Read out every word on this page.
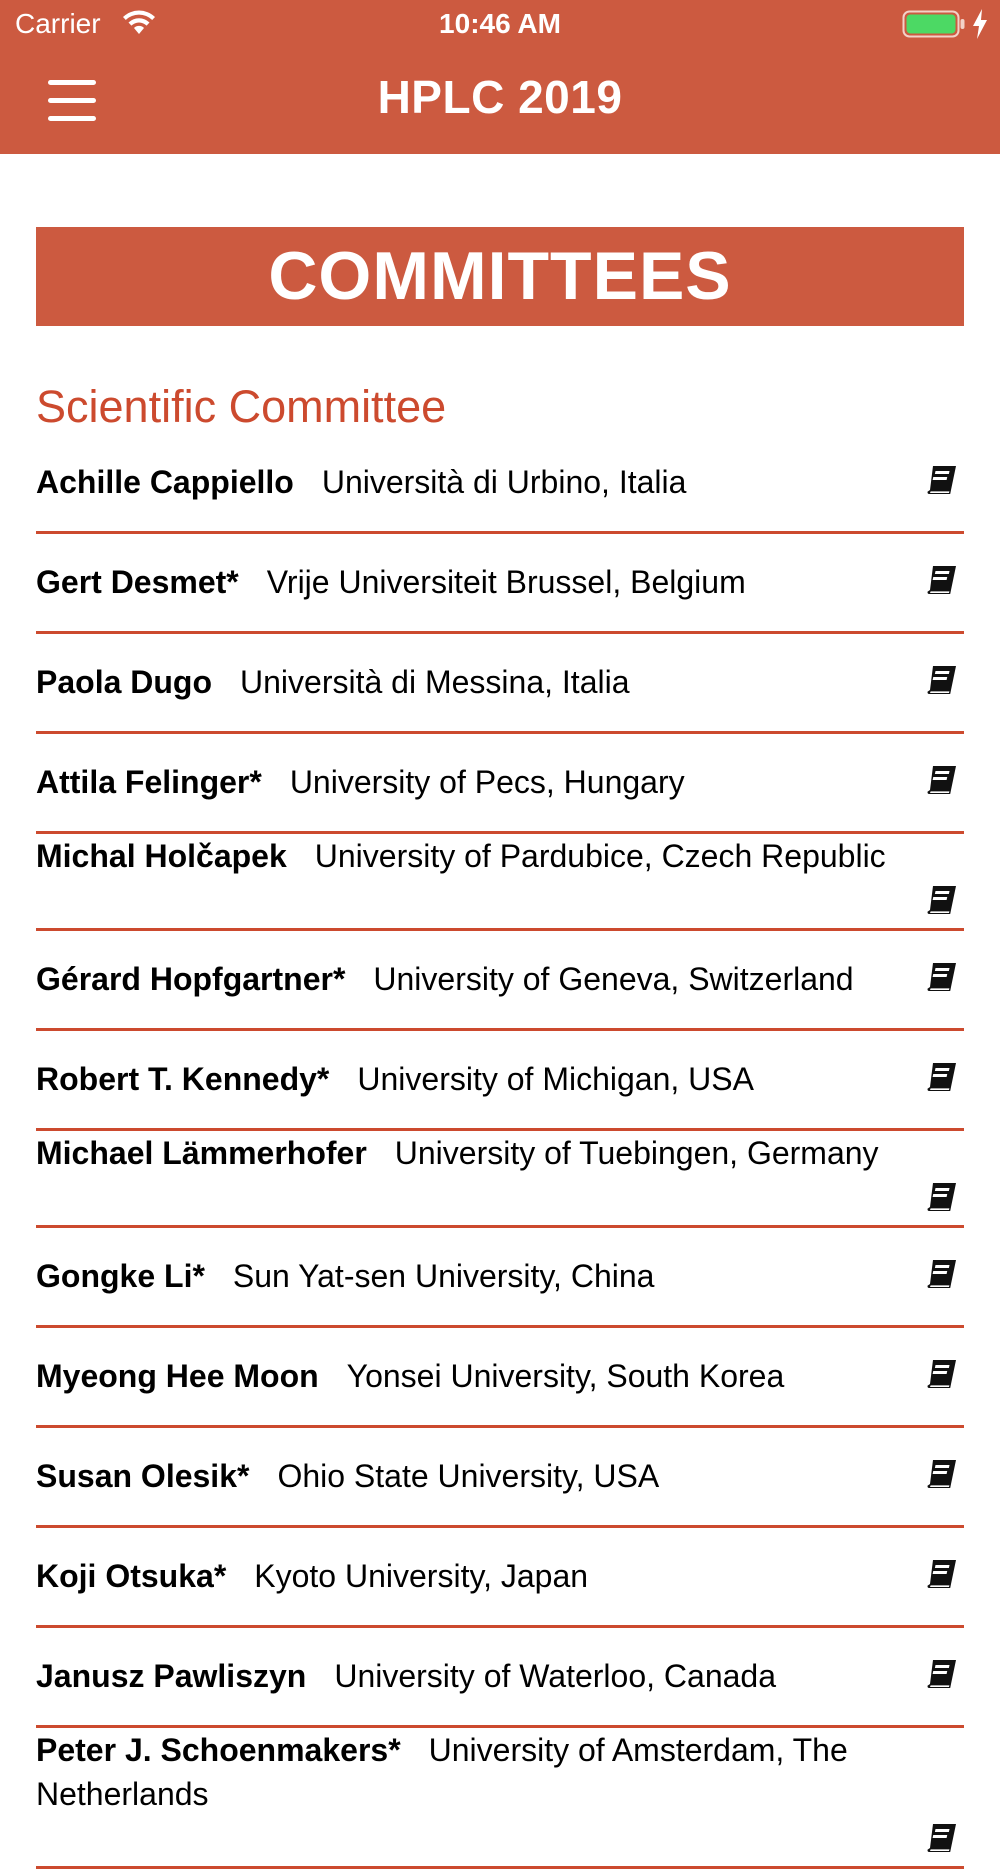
Carrier	10:46 AM
HPLC 2019
COMMITTEES
Scientific Committee
Achille Cappiello Università di Urbino, Italia
Gert Desmet* Vrije Universiteit Brussel, Belgium
Paola Dugo Università di Messina, Italia
Attila Felinger* University of Pecs, Hungary
Michal Holčapek University of Pardubice, Czech Republic
Gérard Hopfgartner* University of Geneva, Switzerland
Robert T. Kennedy* University of Michigan, USA
Michael Lämmerhofer University of Tuebingen, Germany
Gongke Li* Sun Yat-sen University, China
Myeong Hee Moon Yonsei University, South Korea
Susan Olesik* Ohio State University, USA
Koji Otsuka* Kyoto University, Japan
Janusz Pawliszyn University of Waterloo, Canada
Peter J. Schoenmakers* University of Amsterdam, The Netherlands
